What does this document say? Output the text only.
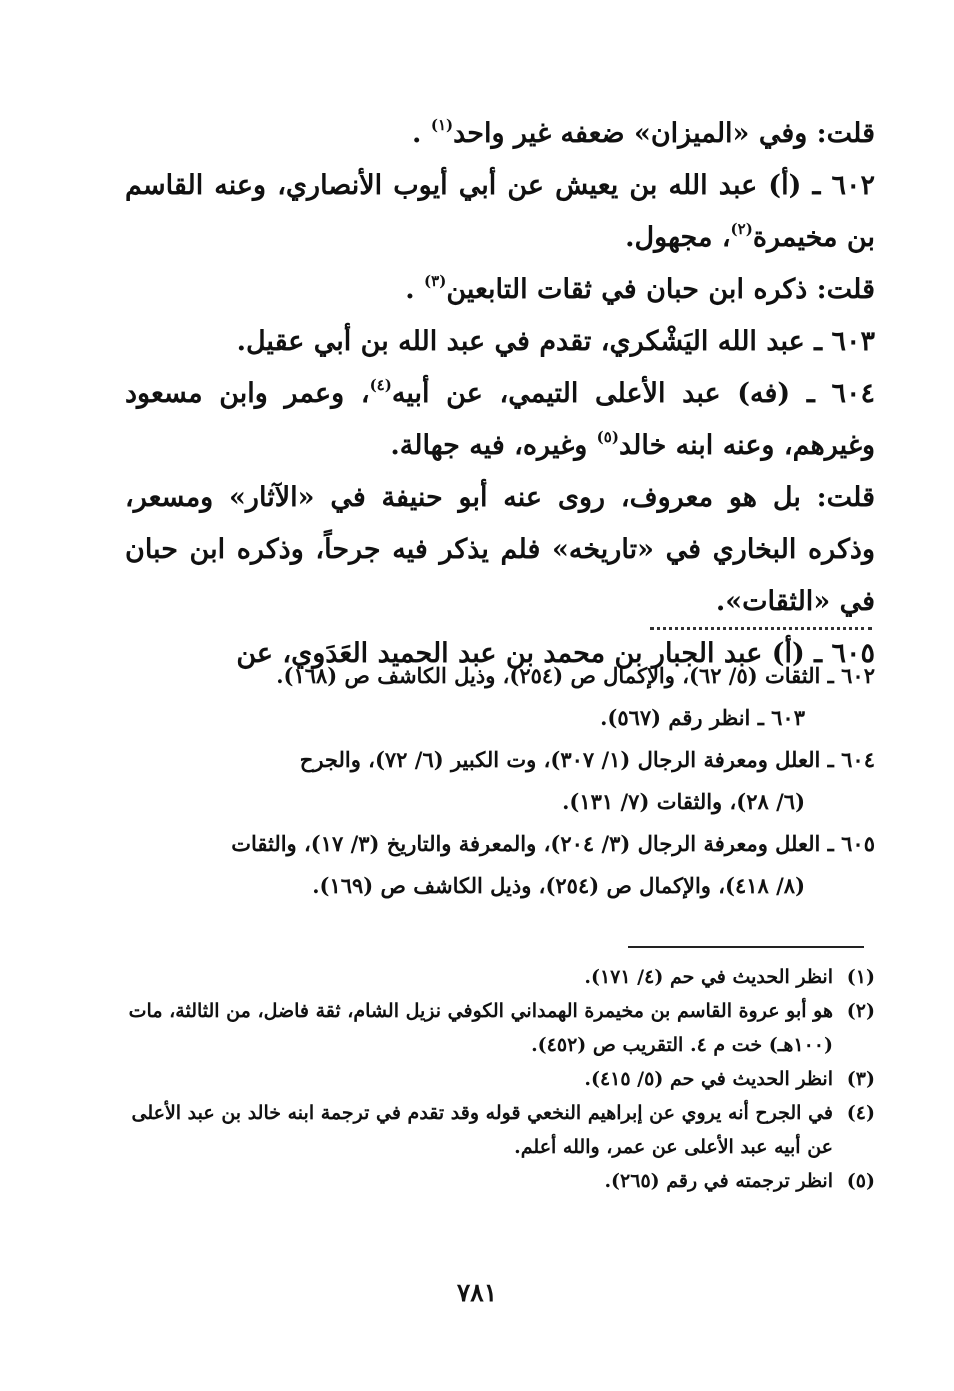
قلت: وفي «الميزان» ضعفه غير واحد$^{(١)}$ .

٦٠٢ ـ (أ) عبد الله بن يعيش عن أبي أيوب الأنصاري، وعنه القاسم بن مخيمرة$^{(٢)}$، مجهول.

قلت: ذكره ابن حبان في ثقات التابعين$^{(٣)}$ .

٦٠٣ ـ عبد الله اليَشْكري، تقدم في عبد الله بن أبي عقيل.

٦٠٤ ـ (فه) عبد الأعلى التيمي، عن أبيه$^{(٤)}$، وعمر وابن مسعود وغيرهم، وعنه ابنه خالد$^{(٥)}$ وغيره، فيه جهالة.

قلت: بل هو معروف، روى عنه أبو حنيفة في «الآثار» ومسعر، وذكره البخاري في «تاريخه» فلم يذكر فيه جرحاً، وذكره ابن حبان في «الثقات».

٦٠٥ ـ (أ) عبد الجبار بن محمد بن عبد الحميد العَدَوي، عن

٦٠٢ ـ الثقات (٥/ ٦٢)، والإكمال ص (٢٥٤)، وذيل الكاشف ص (١٦٨).

٦٠٣ ـ انظر رقم (٥٦٧).

٦٠٤ ـ العلل ومعرفة الرجال (١/ ٣٠٧)، وت الكبير (٦/ ٧٢)، والجرح

(٦/ ٢٨)، والثقات (٧/ ١٣١).

٦٠٥ ـ العلل ومعرفة الرجال (٣/ ٢٠٤)، والمعرفة والتاريخ (٣/ ١٧)، والثقات

(٨/ ٤١٨)، والإكمال ص (٢٥٤)، وذيل الكاشف ص (١٦٩).

(١)انظر الحديث في حم (٤/ ١٧١).

(٢)هو أبو عروة القاسم بن مخيمرة الهمداني الكوفي نزيل الشام، ثقة فاضل، من الثالثة، مات

(١٠٠هـ) خت م ٤. التقريب ص (٤٥٢).

(٣)انظر الحديث في حم (٥/ ٤١٥).

(٤)في الجرح أنه يروي عن إبراهيم النخعي قوله وقد تقدم في ترجمة ابنه خالد بن عبد الأعلى

عن أبيه عبد الأعلى عن عمر، والله أعلم.

(٥)انظر ترجمته في رقم (٢٦٥).

٧٨١
